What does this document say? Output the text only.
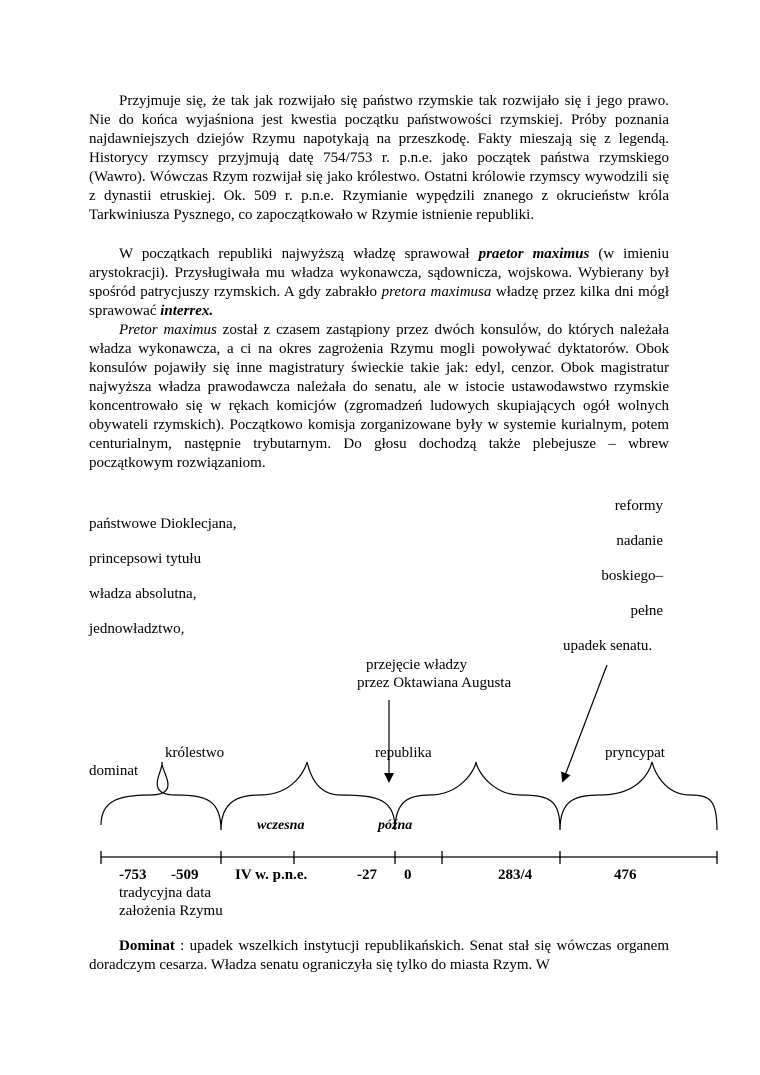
Przyjmuje się, że tak jak rozwijało się państwo rzymskie tak rozwijało się i jego prawo. Nie do końca wyjaśniona jest kwestia początku państwowości rzymskiej. Próby poznania najdawniejszych dziejów Rzymu napotykają na przeszkodę. Fakty mieszają się z legendą. Historycy rzymscy przyjmują datę 754/753 r. p.n.e. jako początek państwa rzymskiego (Wawro). Wówczas Rzym rozwijał się jako królestwo. Ostatni królowie rzymscy wywodzili się z dynastii etruskiej. Ok. 509 r. p.n.e. Rzymianie wypędzili znanego z okrucieństw króla Tarkwiniusza Pysznego, co zapoczątkowało w Rzymie istnienie republiki.

W początkach republiki najwyższą władzę sprawował praetor maximus (w imieniu arystokracji). Przysługiwała mu władza wykonawcza, sądownicza, wojskowa. Wybierany był spośród patrycjuszy rzymskich. A gdy zabrakło pretora maximusa władzę przez kilka dni mógł sprawować interrex.

Pretor maximus został z czasem zastąpiony przez dwóch konsulów, do których należała władza wykonawcza, a ci na okres zagrożenia Rzymu mogli powoływać dyktatorów. Obok konsulów pojawiły się inne magistratury świeckie takie jak: edyl, cenzor. Obok magistratur najwyższa władza prawodawcza należała do senatu, ale w istocie ustawodawstwo rzymskie koncentrowało się w rękach komicjów (zgromadzeń ludowych skupiających ogół wolnych obywateli rzymskich). Początkowo komisja zorganizowane były w systemie kurialnym, potem centurialnym, następnie trybutarnym. Do głosu dochodzą także plebejusze – wbrew początkowym rozwiązaniom.

reformy
nadanie
boskiego–
pełne
upadek senatu.
państwowe Dioklecjana,
princepsowi tytułu
władza absolutna,
jednowładztwo,
przejęcie władzy
przez Oktawiana Augusta
królestwo	republika	pryncypat
dominat
wczesna	późna
-753 -509 IV w. p.n.e.	-27 0	283/4	476
tradycyjna data
założenia Rzymu

Dominat : upadek wszelkich instytucji republikańskich. Senat stał się wówczas organem doradczym cesarza. Władza senatu ograniczyła się tylko do miasta Rzym. W
